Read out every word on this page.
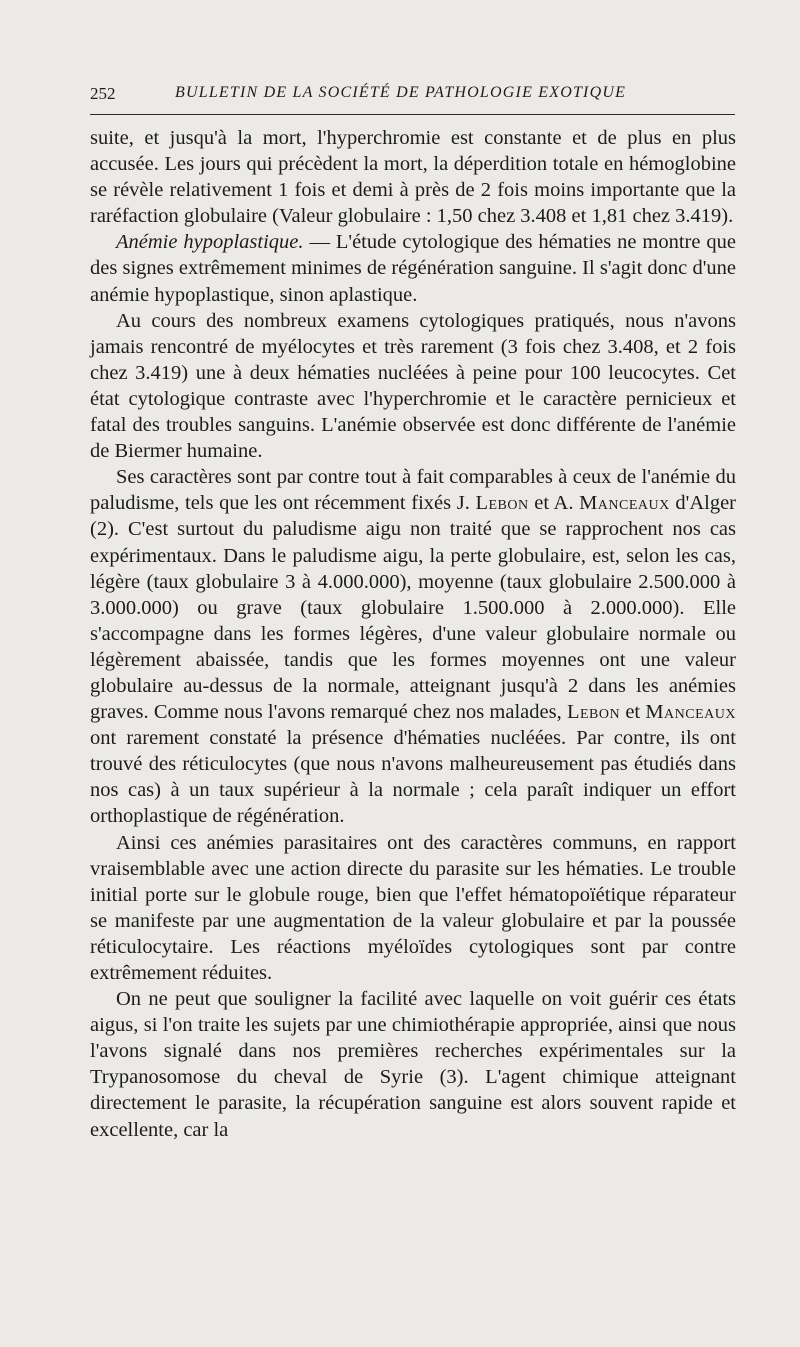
252	BULLETIN DE LA SOCIÉTÉ DE PATHOLOGIE EXOTIQUE

suite, et jusqu'à la mort, l'hyperchromie est constante et de plus en plus accusée. Les jours qui précèdent la mort, la déperdition totale en hémoglobine se révèle relativement 1 fois et demi à près de 2 fois moins importante que la raréfaction globulaire (Valeur globulaire : 1,50 chez 3.408 et 1,81 chez 3.419).

Anémie hypoplastique. — L'étude cytologique des hématies ne montre que des signes extrêmement minimes de régénération sanguine. Il s'agit donc d'une anémie hypoplastique, sinon aplastique.

Au cours des nombreux examens cytologiques pratiqués, nous n'avons jamais rencontré de myélocytes et très rarement (3 fois chez 3.408, et 2 fois chez 3.419) une à deux hématies nucléées à peine pour 100 leucocytes. Cet état cytologique contraste avec l'hyperchromie et le caractère pernicieux et fatal des troubles sanguins. L'anémie observée est donc différente de l'anémie de Biermer humaine.

Ses caractères sont par contre tout à fait comparables à ceux de l'anémie du paludisme, tels que les ont récemment fixés J. Lebon et A. Manceaux d'Alger (2). C'est surtout du paludisme aigu non traité que se rapprochent nos cas expérimentaux. Dans le paludisme aigu, la perte globulaire, est, selon les cas, légère (taux globulaire 3 à 4.000.000), moyenne (taux globulaire 2.500.000 à 3.000.000) ou grave (taux globulaire 1.500.000 à 2.000.000). Elle s'accompagne dans les formes légères, d'une valeur globulaire normale ou légèrement abaissée, tandis que les formes moyennes ont une valeur globulaire au-dessus de la normale, atteignant jusqu'à 2 dans les anémies graves. Comme nous l'avons remarqué chez nos malades, Lebon et Manceaux ont rarement constaté la présence d'hématies nucléées. Par contre, ils ont trouvé des réticulocytes (que nous n'avons malheureusement pas étudiés dans nos cas) à un taux supérieur à la normale ; cela paraît indiquer un effort orthoplastique de régénération.

Ainsi ces anémies parasitaires ont des caractères communs, en rapport vraisemblable avec une action directe du parasite sur les hématies. Le trouble initial porte sur le globule rouge, bien que l'effet hématopoïétique réparateur se manifeste par une augmentation de la valeur globulaire et par la poussée réticulocytaire. Les réactions myéloïdes cytologiques sont par contre extrêmement réduites.

On ne peut que souligner la facilité avec laquelle on voit guérir ces états aigus, si l'on traite les sujets par une chimiothérapie appropriée, ainsi que nous l'avons signalé dans nos premières recherches expérimentales sur la Trypanosomose du cheval de Syrie (3). L'agent chimique atteignant directement le parasite, la récupération sanguine est alors souvent rapide et excellente, car la
